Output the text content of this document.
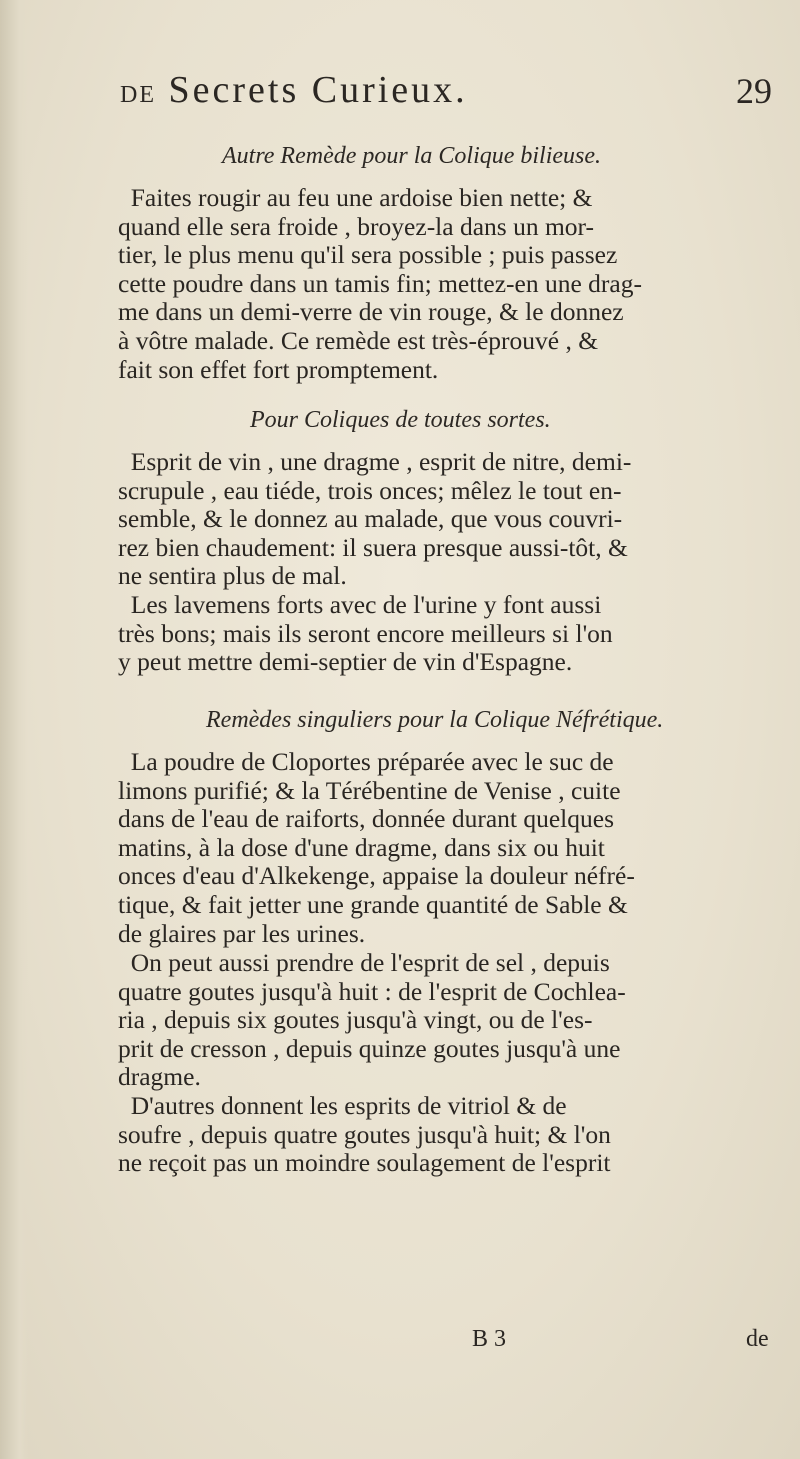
DE Secrets Curieux.	29
Autre Remède pour la Colique bilieuse.
Faites rougir au feu une ardoise bien nette; &
quand elle sera froide , broyez-la dans un mor-
tier, le plus menu qu'il sera possible ; puis passez
cette poudre dans un tamis fin; mettez-en une drag-
me dans un demi-verre de vin rouge, & le donnez
à vôtre malade. Ce remède est très-éprouvé , &
fait son effet fort promptement.
Pour Coliques de toutes sortes.
Esprit de vin , une dragme , esprit de nitre, demi-
scrupule , eau tiéde, trois onces; mêlez le tout en-
semble, & le donnez au malade, que vous couvri-
rez bien chaudement: il suera presque aussi-tôt, &
ne sentira plus de mal.
Les lavemens forts avec de l'urine y font aussi
très bons; mais ils seront encore meilleurs si l'on
y peut mettre demi-septier de vin d'Espagne.
Remèdes singuliers pour la Colique Néfrétique.
La poudre de Cloportes préparée avec le suc de
limons purifié; & la Térébentine de Venise , cuite
dans de l'eau de raiforts, donnée durant quelques
matins, à la dose d'une dragme, dans six ou huit
onces d'eau d'Alkekenge, appaise la douleur néfré-
tique, & fait jetter une grande quantité de Sable &
de glaires par les urines.
On peut aussi prendre de l'esprit de sel , depuis
quatre goutes jusqu'à huit : de l'esprit de Cochlea-
ria , depuis six goutes jusqu'à vingt, ou de l'es-
prit de cresson , depuis quinze goutes jusqu'à une
dragme.
D'autres donnent les esprits de vitriol & de
soufre , depuis quatre goutes jusqu'à huit; & l'on
ne reçoit pas un moindre soulagement de l'esprit
B 3	de
